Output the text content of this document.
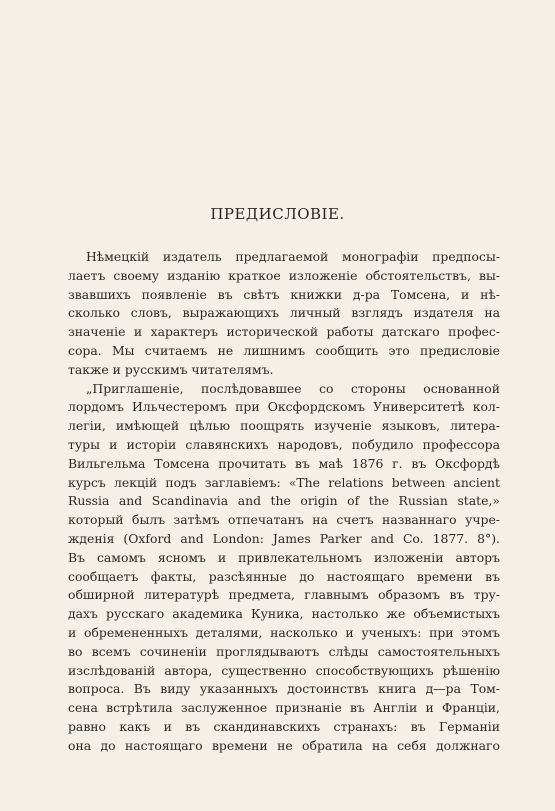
ПРЕДИСЛОВIЕ.
Нѣмецкiй издатель предлагаемой монографiи предпосы-
лаетъ своему изданiю краткое изложенiе обстоятельствъ, вы-
звавшихъ появленiе въ свѣтъ книжки д-ра Томсена, и нѣ-
сколько словъ, выражающихъ личный взглядъ издателя на
значенiе и характеръ исторической работы датскаго профес-
сора. Мы считаемъ не лишнимъ сообщить это предисловiе
также и русскимъ читателямъ.
„Приглашенiе, послѣдовавшее со стороны основанной
лордомъ Ильчестеромъ при Оксфордскомъ Университетѣ кол-
легiи, имѣющей цѣлью поощрять изученiе языковъ, литера-
туры и исторiи славянскихъ народовъ, побудило профессора
Вильгельма Томсена прочитать въ маѣ 1876 г. въ Оксфордѣ
курсъ лекцiй подъ заглавiемъ: «The relations between ancient
Russia and Scandinavia and the origin of the Russian state,»
который былъ затѣмъ отпечатанъ на счетъ названнаго учре-
жденiя (Oxford and London: James Parker and Co. 1877. 8°).
Въ самомъ ясномъ и привлекательномъ изложенiи авторъ
сообщаетъ факты, разсѣянные до настоящаго времени въ
обширной литературѣ предмета, главнымъ образомъ въ тру-
дахъ русскаго академика Куника, настолько же объемистыхъ
и обремененныхъ деталями, насколько и ученыхъ: при этомъ
во всемъ сочиненiи проглядываютъ слѣды самостоятельныхъ
изслѣдованiй автора, существенно способствующихъ рѣшенiю
вопроса. Въ виду указанныхъ достоинствъ книга д—ра Том-
сена встрѣтила заслуженное признанiе въ Англiи и Францiи,
равно какъ и въ скандинавскихъ странахъ: въ Германiи
она до настоящаго времени не обратила на себя должнаго
